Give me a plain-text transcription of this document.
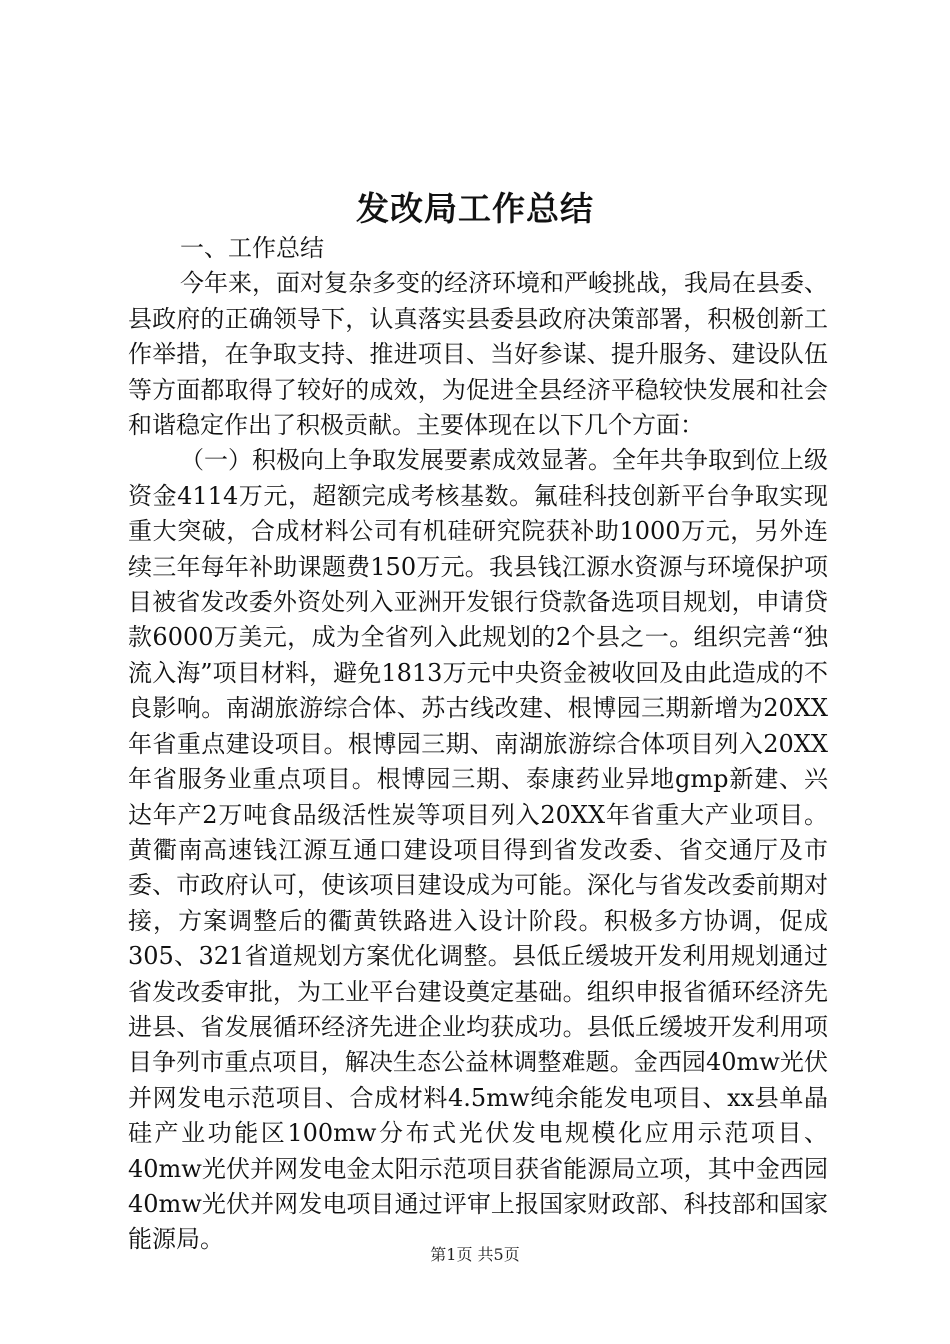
发改局工作总结

一、工作总结

今年来，面对复杂多变的经济环境和严峻挑战，我局在县委、县政府的正确领导下，认真落实县委县政府决策部署，积极创新工作举措，在争取支持、推进项目、当好参谋、提升服务、建设队伍等方面都取得了较好的成效，为促进全县经济平稳较快发展和社会和谐稳定作出了积极贡献。主要体现在以下几个方面：

（一）积极向上争取发展要素成效显著。全年共争取到位上级资金4114万元，超额完成考核基数。氟硅科技创新平台争取实现重大突破，合成材料公司有机硅研究院获补助1000万元，另外连续三年每年补助课题费150万元。我县钱江源水资源与环境保护项目被省发改委外资处列入亚洲开发银行贷款备选项目规划，申请贷款6000万美元，成为全省列入此规划的2个县之一。组织完善“独流入海”项目材料，避免1813万元中央资金被收回及由此造成的不良影响。南湖旅游综合体、苏古线改建、根博园三期新增为20XX年省重点建设项目。根博园三期、南湖旅游综合体项目列入20XX年省服务业重点项目。根博园三期、泰康药业异地gmp新建、兴达年产2万吨食品级活性炭等项目列入20XX年省重大产业项目。黄衢南高速钱江源互通口建设项目得到省发改委、省交通厅及市委、市政府认可，使该项目建设成为可能。深化与省发改委前期对接，方案调整后的衢黄铁路进入设计阶段。积极多方协调，促成305、321省道规划方案优化调整。县低丘缓坡开发利用规划通过省发改委审批，为工业平台建设奠定基础。组织申报省循环经济先进县、省发展循环经济先进企业均获成功。县低丘缓坡开发利用项目争列市重点项目，解决生态公益林调整难题。金西园40mw光伏并网发电示范项目、合成材料4.5mw纯余能发电项目、xx县单晶硅产业功能区100mw分布式光伏发电规模化应用示范项目、40mw光伏并网发电金太阳示范项目获省能源局立项，其中金西园40mw光伏并网发电项目通过评审上报国家财政部、科技部和国家能源局。

第1页 共5页
